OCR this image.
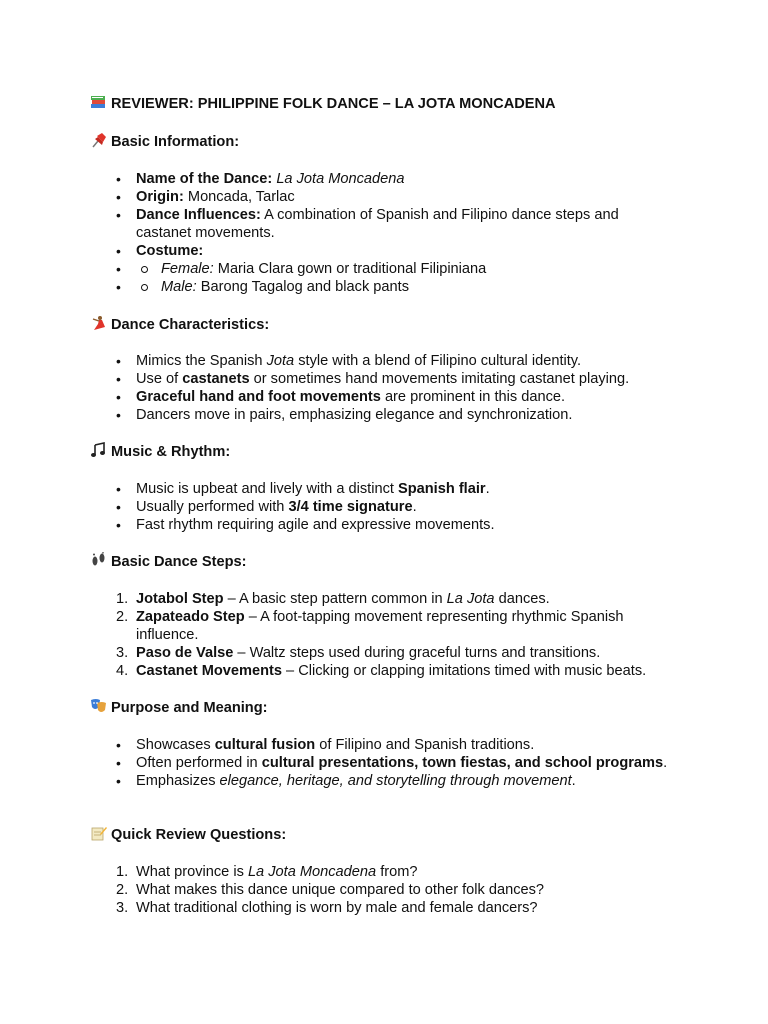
REVIEWER: PHILIPPINE FOLK DANCE – LA JOTA MONCADENA
Basic Information:
• Name of the Dance: La Jota Moncadena
• Origin: Moncada, Tarlac
• Dance Influences: A combination of Spanish and Filipino dance steps and castanet movements.
• Costume:
• Female: Maria Clara gown or traditional Filipiniana
• Male: Barong Tagalog and black pants
Dance Characteristics:
• Mimics the Spanish Jota style with a blend of Filipino cultural identity.
• Use of castanets or sometimes hand movements imitating castanet playing.
• Graceful hand and foot movements are prominent in this dance.
• Dancers move in pairs, emphasizing elegance and synchronization.
Music & Rhythm:
• Music is upbeat and lively with a distinct Spanish flair.
• Usually performed with 3/4 time signature.
• Fast rhythm requiring agile and expressive movements.
Basic Dance Steps:
1. Jotabol Step – A basic step pattern common in La Jota dances.
2. Zapateado Step – A foot-tapping movement representing rhythmic Spanish influence.
3. Paso de Valse – Waltz steps used during graceful turns and transitions.
4. Castanet Movements – Clicking or clapping imitations timed with music beats.
Purpose and Meaning:
• Showcases cultural fusion of Filipino and Spanish traditions.
• Often performed in cultural presentations, town fiestas, and school programs.
• Emphasizes elegance, heritage, and storytelling through movement.
Quick Review Questions:
1. What province is La Jota Moncadena from?
2. What makes this dance unique compared to other folk dances?
3. What traditional clothing is worn by male and female dancers?
